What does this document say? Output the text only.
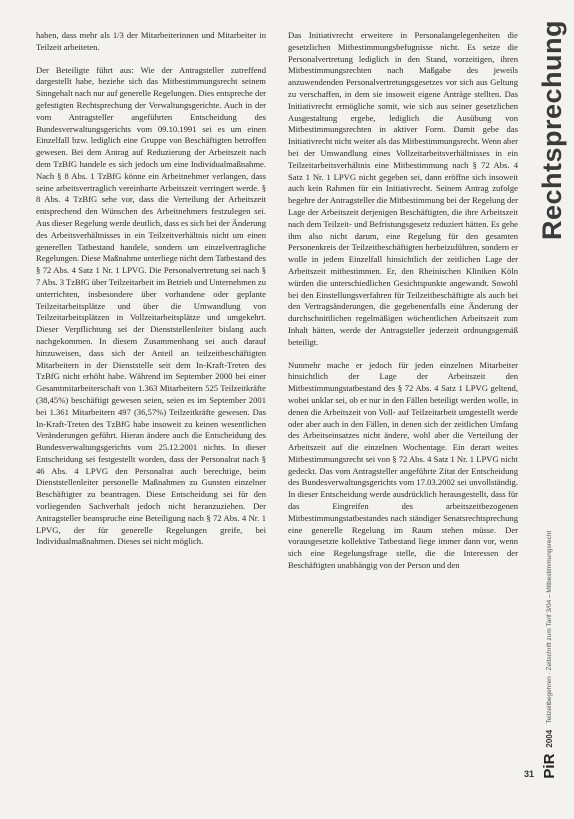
haben, dass mehr als 1/3 der Mitarbeiterinnen und Mitarbeiter in Teilzeit arbeiteten.

Der Beteiligte führt aus: Wie der Antragsteller zutreffend dargestellt habe, beziehe sich das Mitbestimmungsrecht seinem Sinngehalt nach nur auf generelle Regelungen. Dies entspreche der gefestigten Rechtsprechung der Verwaltungsgerichte. Auch in der vom Antragsteller angeführten Entscheidung des Bundesverwaltungsgerichts vom 09.10.1991 sei es um einen Einzelfall bzw. lediglich eine Gruppe von Beschäftigten betroffen gewesen. Bei dem Antrag auf Reduzierung der Arbeitszeit nach dem TzBfG handele es sich jedoch um eine Individualmaßnahme. Nach § 8 Abs. 1 TzBfG könne ein Arbeitnehmer verlangen, dass seine arbeitsvertraglich vereinbarte Arbeitszeit verringert werde. § 8 Abs. 4 TzBfG sehe vor, dass die Verteilung der Arbeitszeit entsprechend den Wünschen des Arbeitnehmers festzulegen sei. Aus dieser Regelung werde deutlich, dass es sich bei der Änderung des Arbeitsverhältnisses in ein Teilzeitverhältnis nicht um einen generellen Tatbestand handele, sondern um einzelvertragliche Regelungen. Diese Maßnahme unterliege nicht dem Tatbestand des § 72 Abs. 4 Satz 1 Nr. 1 LPVG. Die Personalvertretung sei nach § 7 Abs. 3 TzBfG über Teilzeitarbeit im Betrieb und Unternehmen zu unterrichten, insbesondere über vorhandene oder geplante Teilzeitarbeitsplätze und über die Umwandlung von Teilzeitarbeitsplätzen in Vollzeitarbeitsplätze und umgekehrt. Dieser Verpflichtung sei der Dienststellenleiter bislang auch nachgekommen. In diesem Zusammenhang sei auch darauf hinzuweisen, dass sich der Anteil an teilzeitbeschäftigten Mitarbeitern in der Dienststelle seit dem In-Kraft-Treten des TzBfG nicht erhöht habe. Während im September 2000 bei einer Gesamtmitarbeiterschaft von 1.363 Mitarbeitern 525 Teilzeitkräfte (38,45%) beschäftigt gewesen seien, seien es im September 2001 bei 1.361 Mitarbeitern 497 (36,57%) Teilzeitkräfte gewesen. Das In-Kraft-Treten des TzBfG habe insoweit zu keinen wesentlichen Veränderungen geführt. Hieran ändere auch die Entscheidung des Bundesverwaltungsgerichts vom 25.12.2001 nichts. In dieser Entscheidung sei festgestellt worden, dass der Personalrat nach § 46 Abs. 4 LPVG den Personalrat auch berechtige, beim Dienststellenleiter personelle Maßnahmen zu Gunsten einzelner Beschäftigter zu beantragen. Diese Entscheidung sei für den vorliegenden Sachverhalt jedoch nicht heranzuziehen. Der Antragsteller beanspruche eine Beteiligung nach § 72 Abs. 4 Nr. 1 LPVG, der für generelle Regelungen greife, bei Individualmaßnahmen. Dieses sei nicht möglich.

Das Initiativrecht erweitere in Personalangelegenheiten die gesetzlichen Mitbestimmungsbefugnisse nicht. Es setze die Personalvertretung lediglich in den Stand, vorzeitigen, ihren Mitbestimmungsrechten nach Maßgabe des jeweils anzuwendenden Personalvertretungsgesetzes vor sich aus Geltung zu verschaffen, in dem sie insoweit eigene Anträge stellten. Das Initiativrecht ermögliche somit, wie sich aus seiner gesetzlichen Ausgestaltung ergebe, lediglich die Ausübung von Mitbestimmungsrechten in aktiver Form. Damit gebe das Initiativrecht nicht weiter als das Mitbestimmungsrecht. Wenn aber bei der Umwandlung eines Vollzeitarbeitsverhältnisses in ein Teilzeitarbeitsverhältnis eine Mitbestimmung nach § 72 Abs. 4 Satz 1 Nr. 1 LPVG nicht gegeben sei, dann eröffne sich insoweit auch kein Rahmen für ein Initiativrecht. Seinem Antrag zufolge begehre der Antragsteller die Mitbestimmung bei der Regelung der Lage der Arbeitszeit derjenigen Beschäftigten, die ihre Arbeitszeit nach dem Teilzeit- und Befristungsgesetz reduziert hätten. Es gehe ihm also nicht darum, eine Regelung für den gesamten Personenkreis der Teilzeitbeschäftigten herbeizuführen, sondern er wolle in jedem Einzelfall hinsichtlich der zeitlichen Lage der Arbeitszeit mitbestimmen. Er, den Rheinischen Kliniken Köln würden die unterschiedlichen Gesichtspunkte angewandt. Sowohl bei den Einstellungsverfahren für Teilzeitbeschäftigte als auch bei den Vertragsänderungen, die gegebenenfalls eine Änderung der durchschnittlichen regelmäßigen wöchentlichen Arbeitszeit zum Inhalt hätten, werde der Antragsteller jederzeit ordnungsgemäß beteiligt.

Nunmehr mache er jedoch für jeden einzelnen Mitarbeiter hinsichtlich der Lage der Arbeitszeit den Mitbestimmungstatbestand des § 72 Abs. 4 Satz 1 LPVG geltend, wobei unklar sei, ob er nur in den Fällen beteiligt werden wolle, in denen die Arbeitszeit von Voll- auf Teilzeitarbeit umgestellt werde oder aber auch in den Fällen, in denen sich der zeitlichen Umfang des Arbeitseinsatzes nicht ändere, wohl aber die Verteilung der Arbeitszeit auf die einzelnen Wochentage. Ein derart weites Mitbestimmungsrecht sei von § 72 Abs. 4 Satz 1 Nr. 1 LPVG nicht gedeckt. Das vom Antragsteller angeführte Zitat der Entscheidung des Bundesverwaltungsgerichts vom 17.03.2002 sei unvollständig. In dieser Entscheidung werde ausdrücklich herausgestellt, dass für das Eingreifen des arbeitszeitbezogenen Mitbestimmungstatbestandes nach ständiger Senatsrechtsprechung eine generelle Regelung im Raum stehen müsse. Der vorausgesetzte kollektive Tatbestand liege immer dann vor, wenn sich eine Regelungsfrage stelle, die die Interessen der Beschäftigten unabhängig von der Person und den

Rechtsprechung
PiR
2004
Teilzeitbegehren · Zeitschrift zum Tarif 3/04 – Mitbestimmungsrecht
31
